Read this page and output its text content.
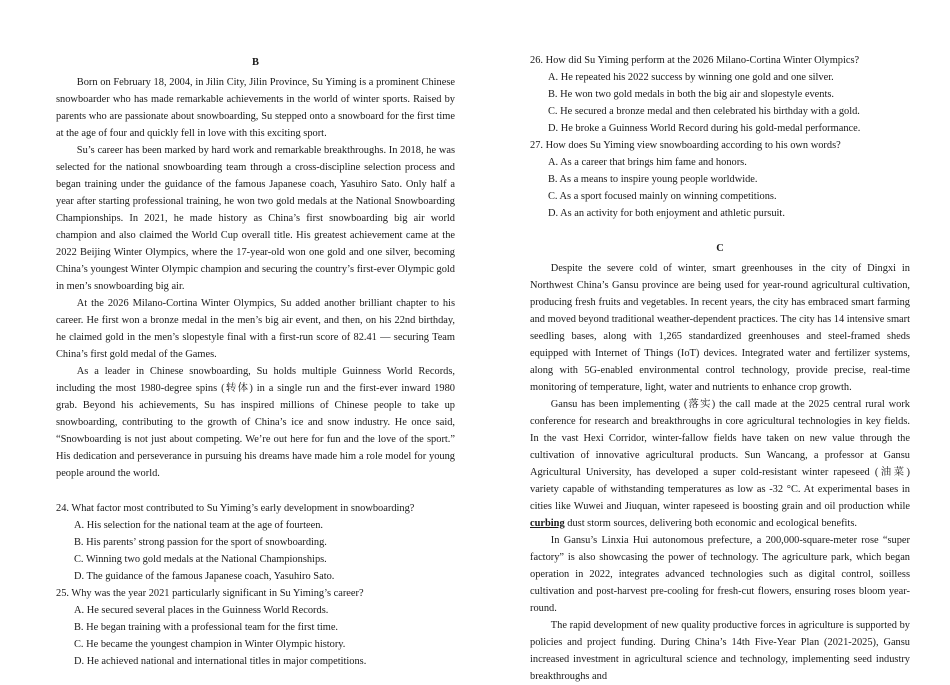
B

Born on February 18, 2004, in Jilin City, Jilin Province, Su Yiming is a prominent Chinese snowboarder who has made remarkable achievements in the world of winter sports. Raised by parents who are passionate about snowboarding, Su stepped onto a snowboard for the first time at the age of four and quickly fell in love with this exciting sport.

Su’s career has been marked by hard work and remarkable breakthroughs. In 2018, he was selected for the national snowboarding team through a cross-discipline selection process and began training under the guidance of the famous Japanese coach, Yasuhiro Sato. Only half a year after starting professional training, he won two gold medals at the National Snowboarding Championships. In 2021, he made history as China’s first snowboarding big air world champion and also claimed the World Cup overall title. His greatest achievement came at the 2022 Beijing Winter Olympics, where the 17-year-old won one gold and one silver, becoming China’s youngest Winter Olympic champion and securing the country’s first-ever Olympic gold in men’s snowboarding big air.

At the 2026 Milano-Cortina Winter Olympics, Su added another brilliant chapter to his career. He first won a bronze medal in the men’s big air event, and then, on his 22nd birthday, he claimed gold in the men’s slopestyle final with a first-run score of 82.41 — securing Team China’s first gold medal of the Games.

As a leader in Chinese snowboarding, Su holds multiple Guinness World Records, including the most 1980-degree spins (转体) in a single run and the first-ever inward 1980 grab. Beyond his achievements, Su has inspired millions of Chinese people to take up snowboarding, contributing to the growth of China’s ice and snow industry. He once said, “Snowboarding is not just about competing. We’re out here for fun and the love of the sport.” His dedication and perseverance in pursuing his dreams have made him a role model for young people around the world.

24. What factor most contributed to Su Yiming’s early development in snowboarding?

A. His selection for the national team at the age of fourteen.

B. His parents’ strong passion for the sport of snowboarding.

C. Winning two gold medals at the National Championships.

D. The guidance of the famous Japanese coach, Yasuhiro Sato.

25. Why was the year 2021 particularly significant in Su Yiming’s career?

A. He secured several places in the Guinness World Records.

B. He began training with a professional team for the first time.

C. He became the youngest champion in Winter Olympic history.

D. He achieved national and international titles in major competitions.

26. How did Su Yiming perform at the 2026 Milano-Cortina Winter Olympics?

A. He repeated his 2022 success by winning one gold and one silver.

B. He won two gold medals in both the big air and slopestyle events.

C. He secured a bronze medal and then celebrated his birthday with a gold.

D. He broke a Guinness World Record during his gold-medal performance.

27. How does Su Yiming view snowboarding according to his own words?

A. As a career that brings him fame and honors.

B. As a means to inspire young people worldwide.

C. As a sport focused mainly on winning competitions.

D. As an activity for both enjoyment and athletic pursuit.

C

Despite the severe cold of winter, smart greenhouses in the city of Dingxi in Northwest China’s Gansu province are being used for year-round agricultural cultivation, producing fresh fruits and vegetables. In recent years, the city has embraced smart farming and moved beyond traditional weather-dependent practices. The city has 14 intensive smart seedling bases, along with 1,265 standardized greenhouses and steel-framed sheds equipped with Internet of Things (IoT) devices. Integrated water and fertilizer systems, along with 5G-enabled environmental control technology, provide precise, real-time monitoring of temperature, light, water and nutrients to enhance crop growth.

Gansu has been implementing (落实) the call made at the 2025 central rural work conference for research and breakthroughs in core agricultural technologies in key fields. In the vast Hexi Corridor, winter-fallow fields have taken on new value through the cultivation of innovative agricultural products. Sun Wancang, a professor at Gansu Agricultural University, has developed a super cold-resistant winter rapeseed (油菜) variety capable of withstanding temperatures as low as -32 °C. At experimental bases in cities like Wuwei and Jiuquan, winter rapeseed is boosting grain and oil production while curbing dust storm sources, delivering both economic and ecological benefits.

In Gansu’s Linxia Hui autonomous prefecture, a 200,000-square-meter rose “super factory” is also showcasing the power of technology. The agriculture park, which began operation in 2022, integrates advanced technologies such as digital control, soilless cultivation and post-harvest pre-cooling for fresh-cut flowers, ensuring roses bloom year-round.

The rapid development of new quality productive forces in agriculture is supported by policies and project funding. During China’s 14th Five-Year Plan (2021-2025), Gansu increased investment in agricultural science and technology, implementing seed industry breakthroughs and
